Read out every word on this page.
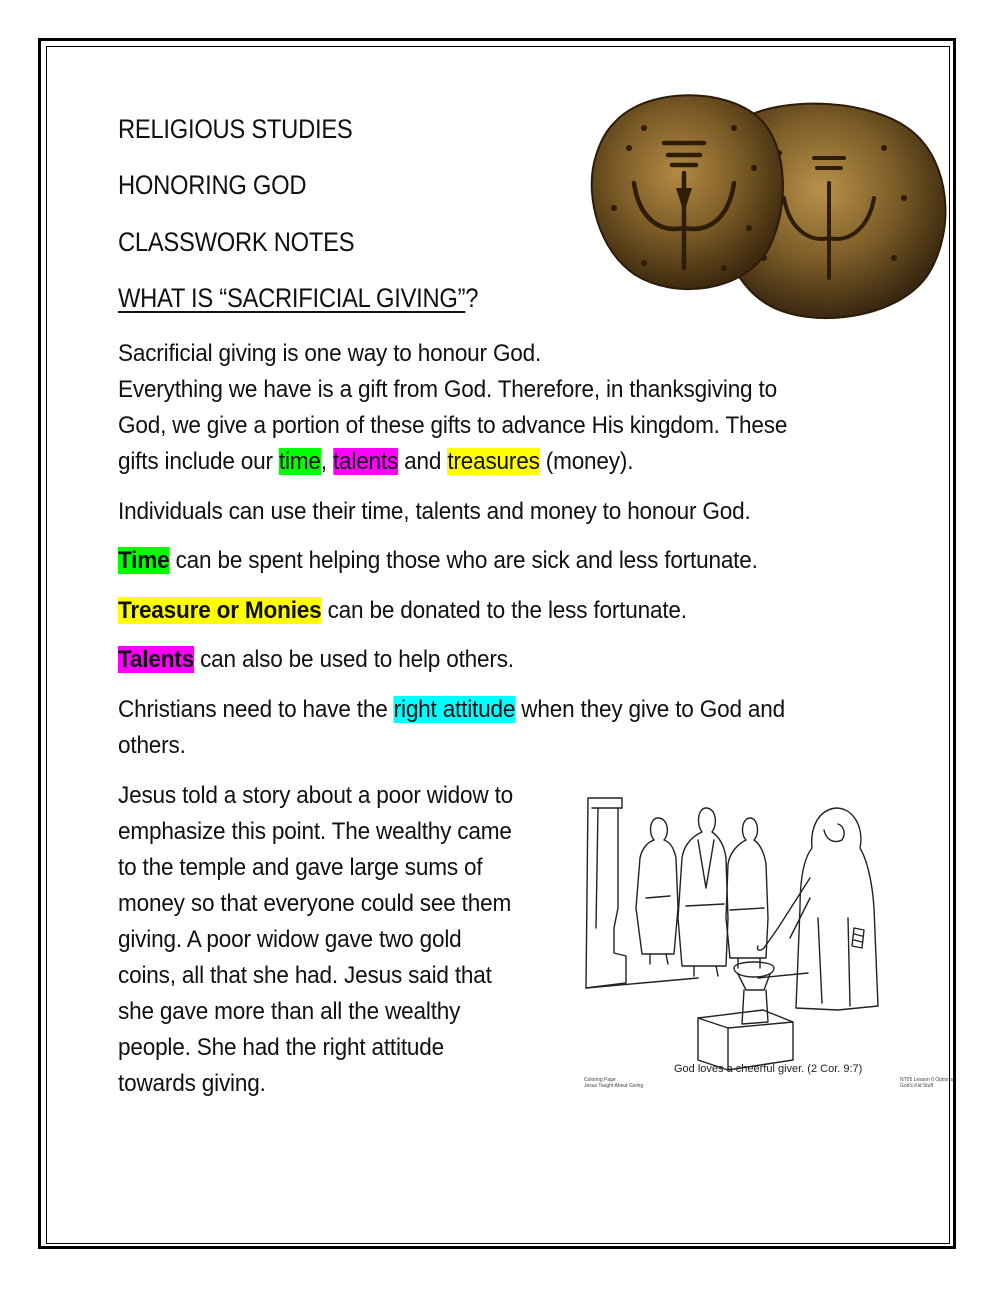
RELIGIOUS STUDIES
HONORING GOD
CLASSWORK NOTES
WHAT IS “SACRIFICIAL GIVING”?
Sacrificial giving is one way to honour God.
Everything we have is a gift from God. Therefore, in thanksgiving to
God, we give a portion of these gifts to advance His kingdom. These
gifts include our time, talents and treasures (money).
Individuals can use their time, talents and money to honour God.
Time can be spent helping those who are sick and less fortunate.
Treasure or Monies can be donated to the less fortunate.
Talents can also be used to help others.
Christians need to have the right attitude when they give to God and
others.
Jesus told a story about a poor widow to
emphasize this point. The wealthy came
to the temple and gave large sums of
money so that everyone could see them
giving. A poor widow gave two gold
coins, all that she had. Jesus said that
she gave more than all the wealthy
people. She had the right attitude
towards giving.
God loves a cheerful giver. (2 Cor. 9:7)
Coloring Page
Jesus Taught About Giving
NT05 Lesson 6 Optional
God's Kid Stuff
